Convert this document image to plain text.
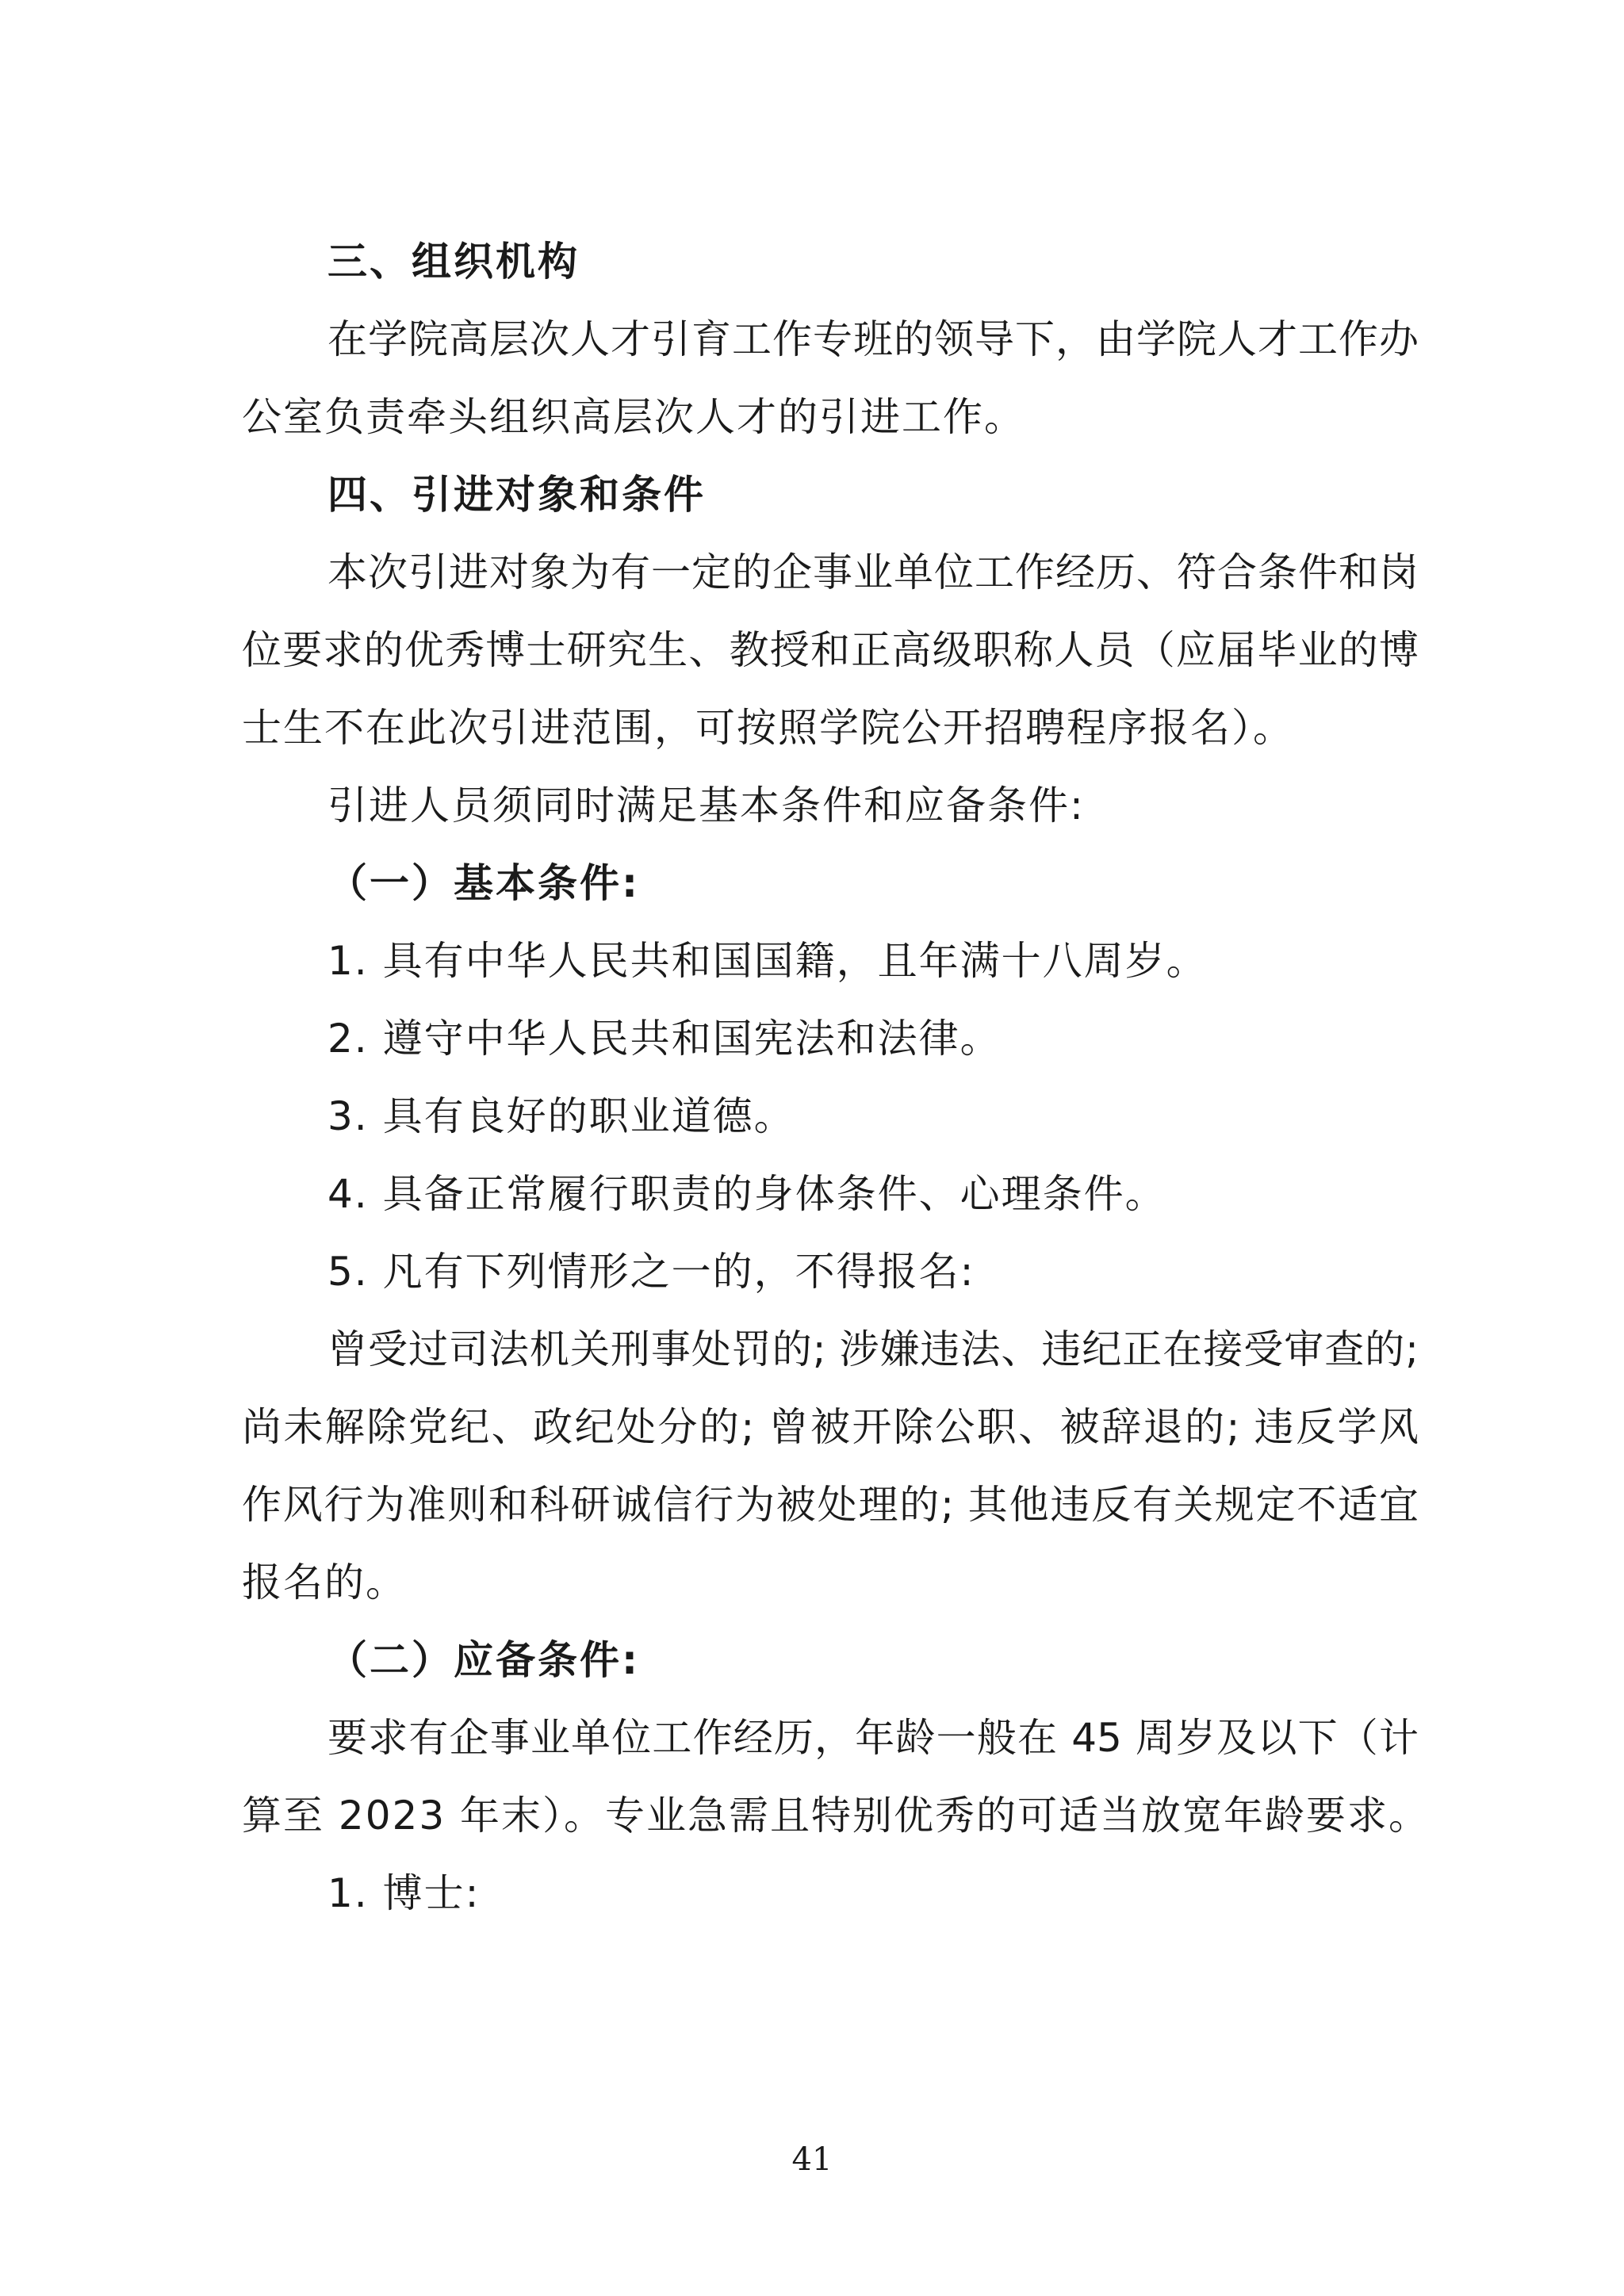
三、组织机构

在学院高层次人才引育工作专班的领导下，由学院人才工作办

公室负责牵头组织高层次人才的引进工作。

四、引进对象和条件

本次引进对象为有一定的企事业单位工作经历、符合条件和岗

位要求的优秀博士研究生、教授和正高级职称人员（应届毕业的博

士生不在此次引进范围，可按照学院公开招聘程序报名）。

引进人员须同时满足基本条件和应备条件:

（一）基本条件:

1. 具有中华人民共和国国籍，且年满十八周岁。

2. 遵守中华人民共和国宪法和法律。

3. 具有良好的职业道德。

4. 具备正常履行职责的身体条件、心理条件。

5. 凡有下列情形之一的，不得报名:

曾受过司法机关刑事处罚的; 涉嫌违法、违纪正在接受审查的;

尚未解除党纪、政纪处分的; 曾被开除公职、被辞退的; 违反学风

作风行为准则和科研诚信行为被处理的; 其他违反有关规定不适宜

报名的。

（二）应备条件:

要求有企事业单位工作经历，年龄一般在 45 周岁及以下（计

算至 2023 年末）。专业急需且特别优秀的可适当放宽年龄要求。

1. 博士:

41
